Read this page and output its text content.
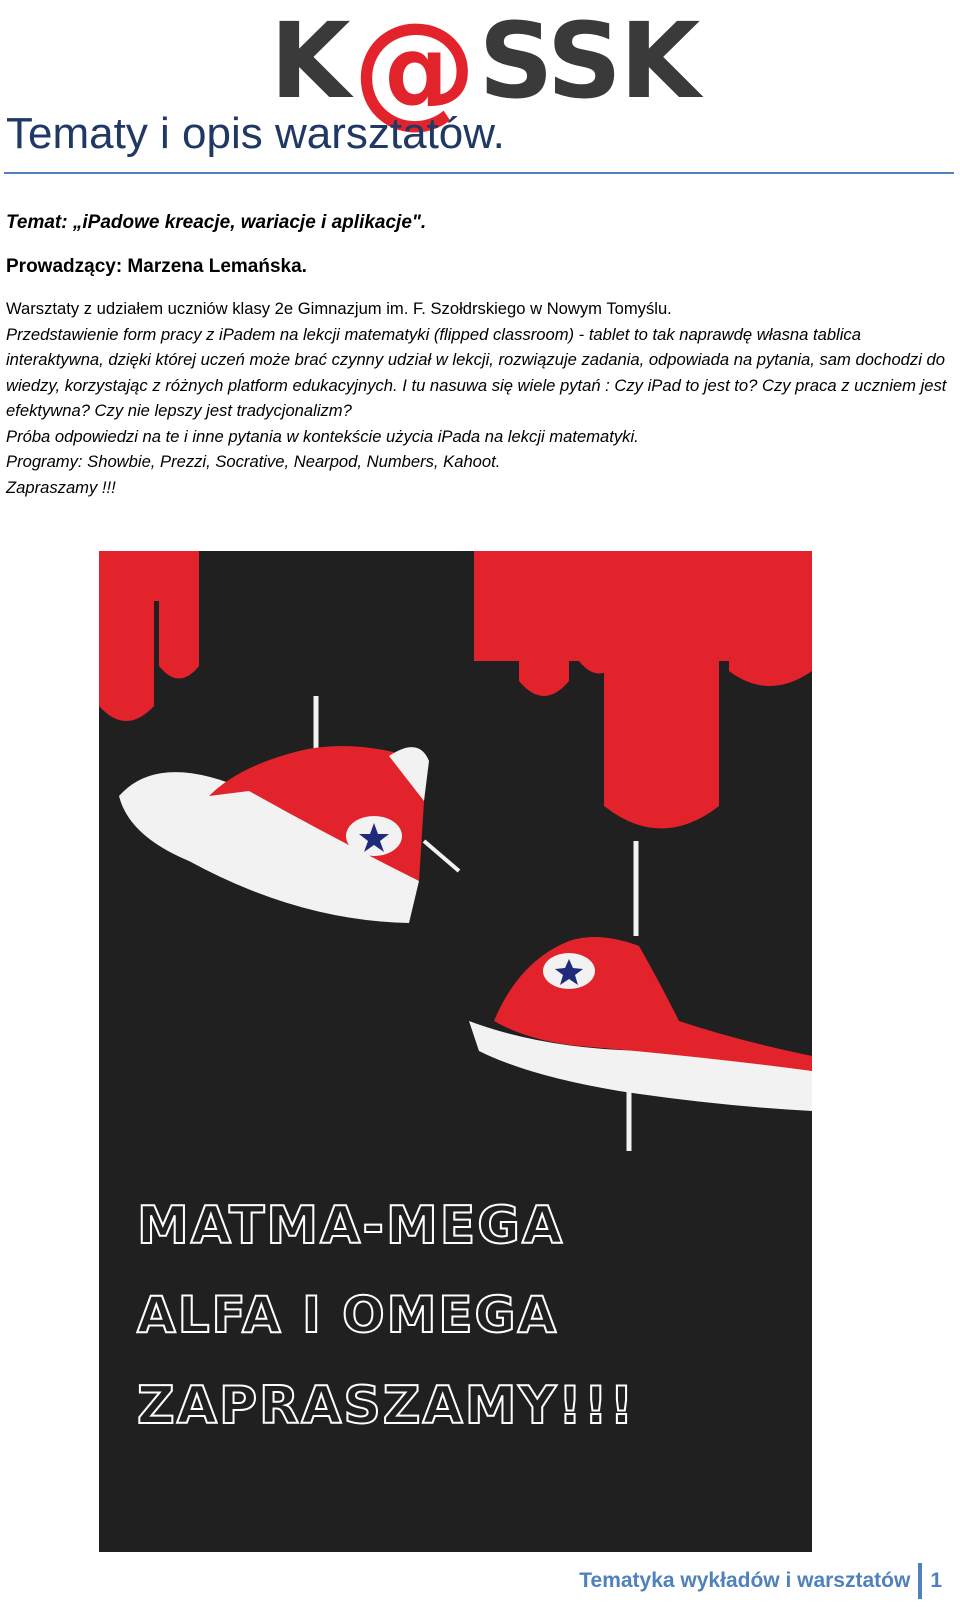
K@SSK
Tematy i opis warsztatów.
Temat: „iPadowe kreacje, wariacje i aplikacje".
Prowadzący: Marzena Lemańska.
Warsztaty z udziałem uczniów klasy 2e Gimnazjum im. F. Szołdrskiego w Nowym Tomyślu.
Przedstawienie form pracy z iPadem na lekcji matematyki (flipped classroom) - tablet to tak naprawdę własna tablica interaktywna, dzięki której uczeń może brać czynny udział w lekcji, rozwiązuje zadania, odpowiada na pytania, sam dochodzi do wiedzy, korzystając z różnych platform edukacyjnych. I tu nasuwa się wiele pytań : Czy iPad to jest to? Czy praca z uczniem jest efektywna? Czy nie lepszy jest tradycjonalizm?
Próba odpowiedzi na te i inne pytania w kontekście użycia iPada na lekcji matematyki.
Programy: Showbie, Prezzi, Socrative, Nearpod, Numbers, Kahoot.
Zapraszamy !!!
MATMA-MEGA
ALFA I OMEGA
ZAPRASZAMY!!!
Tematyka wykładów i warsztatów 1
